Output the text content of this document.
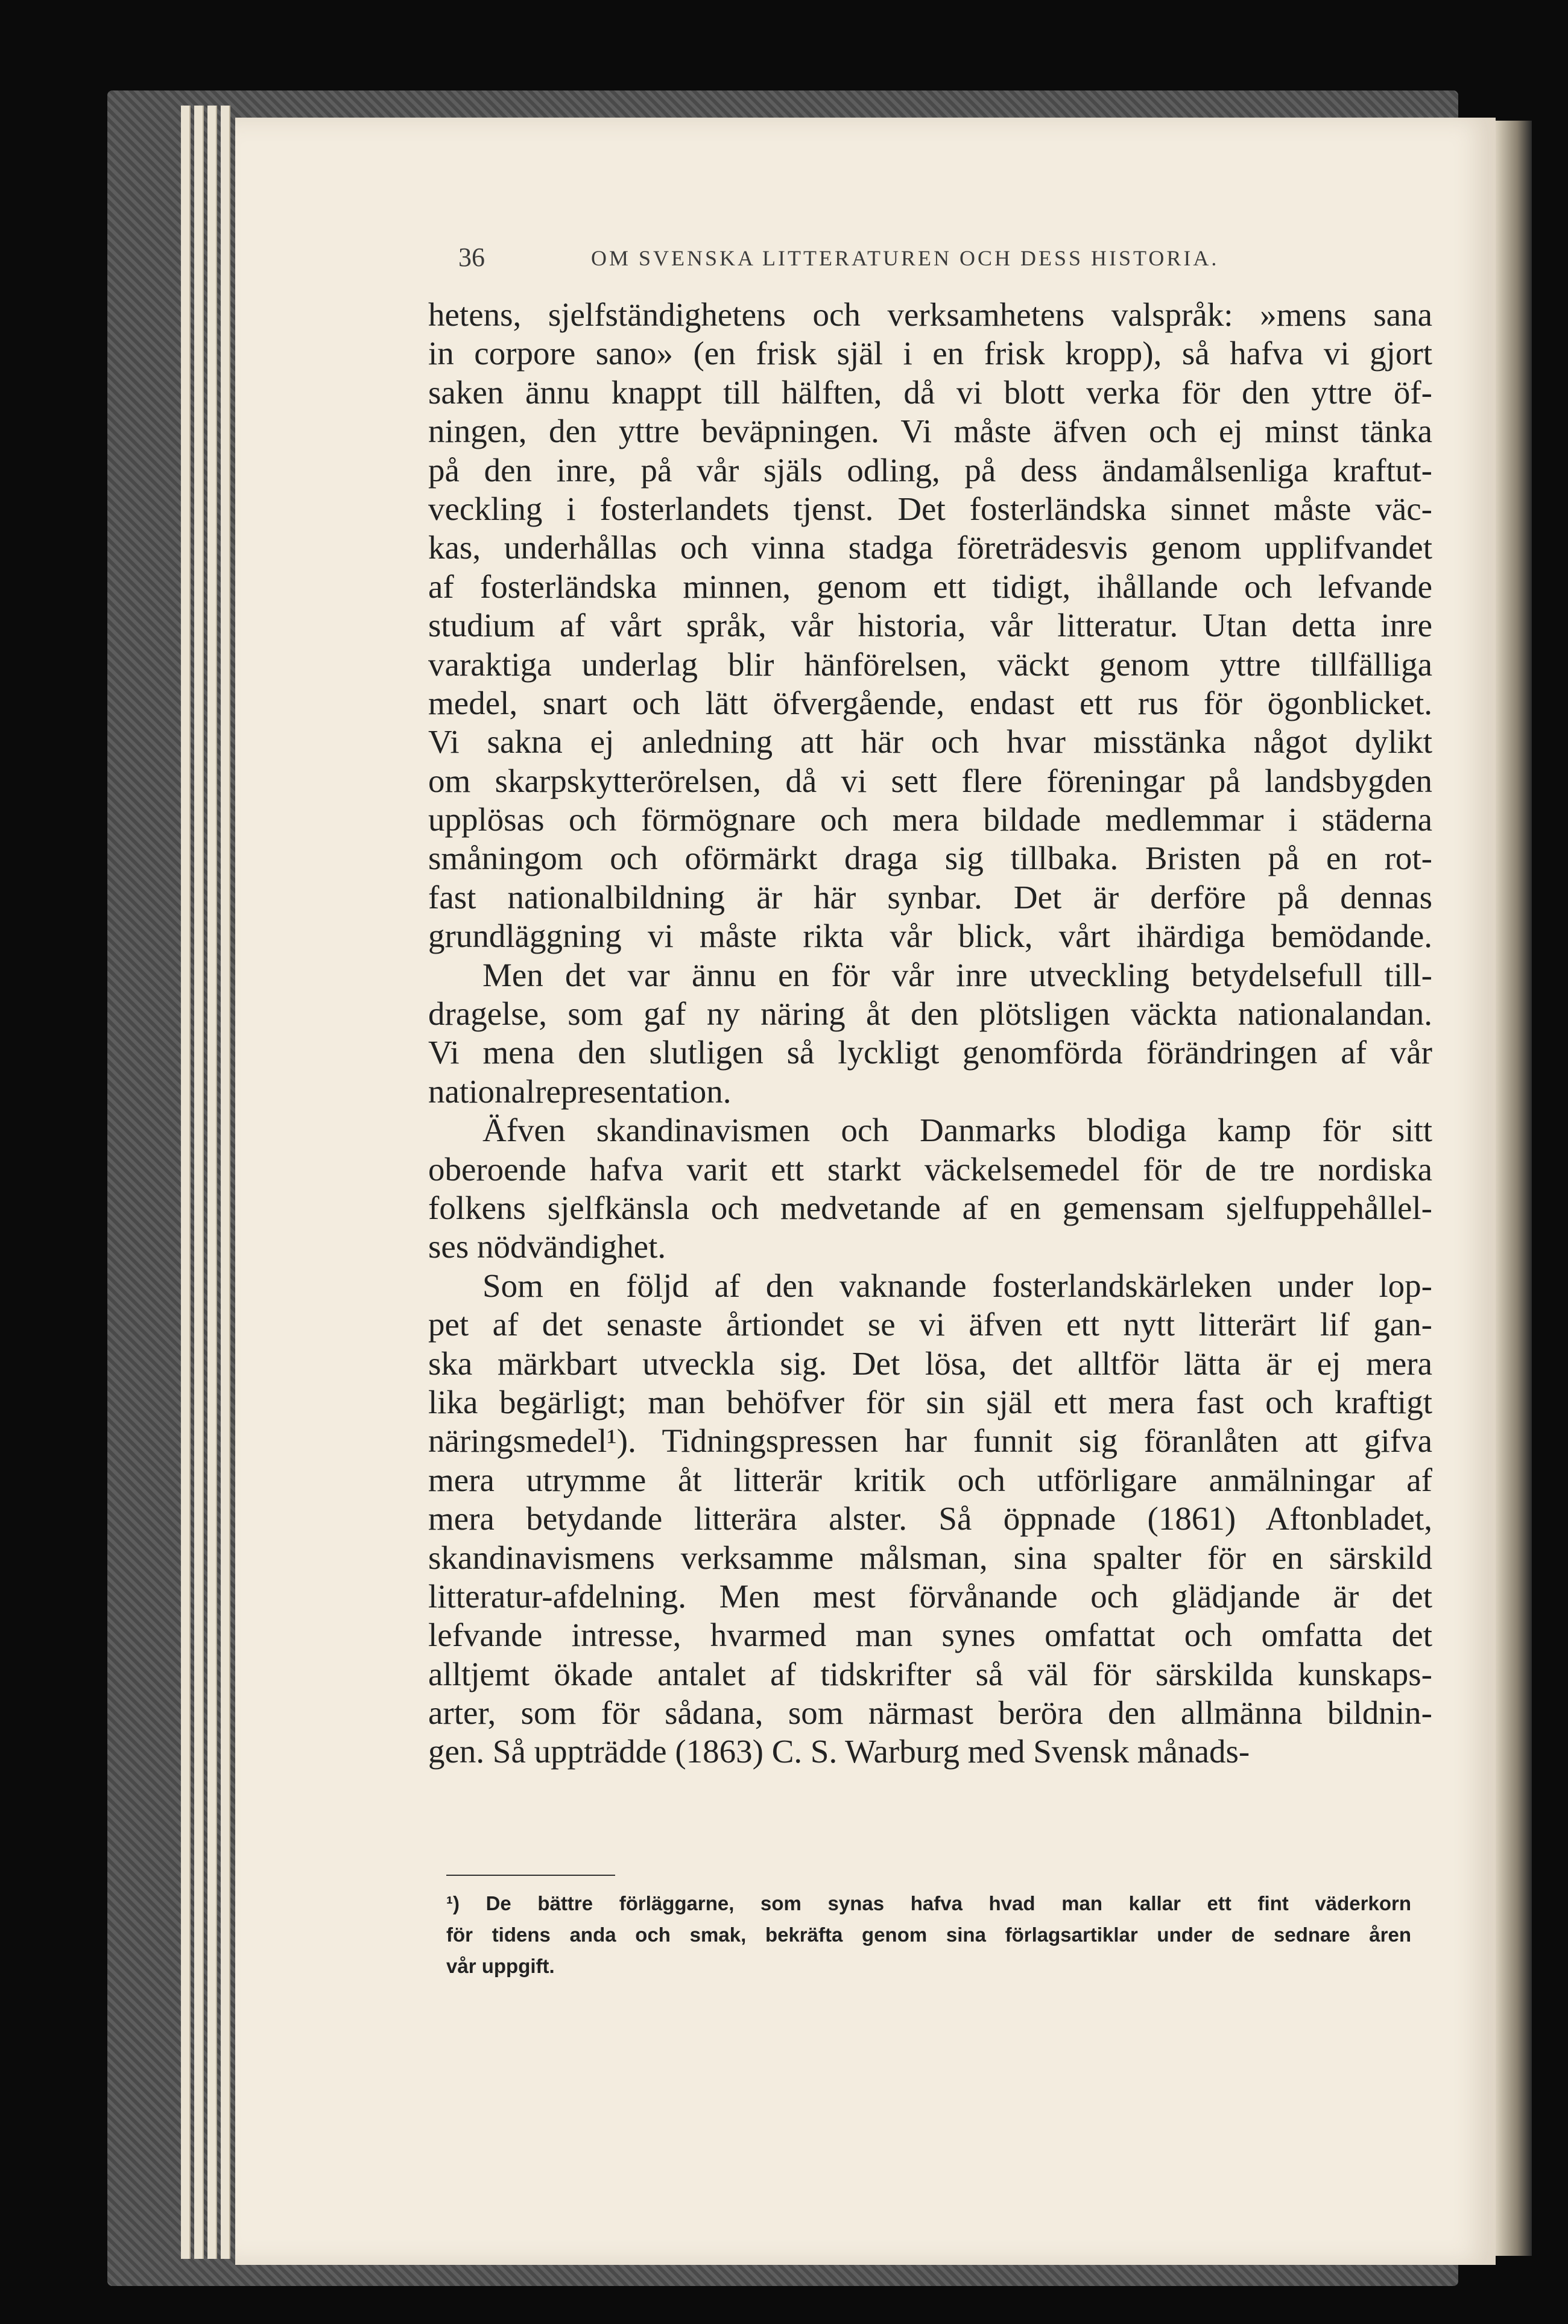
36	OM SVENSKA LITTERATUREN OCH DESS HISTORIA.
hetens, sjelfständighetens och verksamhetens valspråk: »mens sana
in corpore sano» (en frisk själ i en frisk kropp), så hafva vi gjort
saken ännu knappt till hälften, då vi blott verka för den yttre öf-
ningen, den yttre beväpningen. Vi måste äfven och ej minst tänka
på den inre, på vår själs odling, på dess ändamålsenliga kraftut-
veckling i fosterlandets tjenst. Det fosterländska sinnet måste väc-
kas, underhållas och vinna stadga företrädesvis genom upplifvandet
af fosterländska minnen, genom ett tidigt, ihållande och lefvande
studium af vårt språk, vår historia, vår litteratur. Utan detta inre
varaktiga underlag blir hänförelsen, väckt genom yttre tillfälliga
medel, snart och lätt öfvergående, endast ett rus för ögonblicket.
Vi sakna ej anledning att här och hvar misstänka något dylikt
om skarpskytterörelsen, då vi sett flere föreningar på landsbygden
upplösas och förmögnare och mera bildade medlemmar i städerna
småningom och oförmärkt draga sig tillbaka. Bristen på en rot-
fast nationalbildning är här synbar. Det är derföre på dennas
grundläggning vi måste rikta vår blick, vårt ihärdiga bemödande.
Men det var ännu en för vår inre utveckling betydelsefull till-
dragelse, som gaf ny näring åt den plötsligen väckta nationalandan.
Vi mena den slutligen så lyckligt genomförda förändringen af vår
nationalrepresentation.
Äfven skandinavismen och Danmarks blodiga kamp för sitt
oberoende hafva varit ett starkt väckelsemedel för de tre nordiska
folkens sjelfkänsla och medvetande af en gemensam sjelfuppehållel-
ses nödvändighet.
Som en följd af den vaknande fosterlandskärleken under lop-
pet af det senaste årtiondet se vi äfven ett nytt litterärt lif gan-
ska märkbart utveckla sig. Det lösa, det alltför lätta är ej mera
lika begärligt; man behöfver för sin själ ett mera fast och kraftigt
näringsmedel¹). Tidningspressen har funnit sig föranlåten att gifva
mera utrymme åt litterär kritik och utförligare anmälningar af
mera betydande litterära alster. Så öppnade (1861) Aftonbladet,
skandinavismens verksamme målsman, sina spalter för en särskild
litteratur-afdelning. Men mest förvånande och glädjande är det
lefvande intresse, hvarmed man synes omfattat och omfatta det
alltjemt ökade antalet af tidskrifter så väl för särskilda kunskaps-
arter, som för sådana, som närmast beröra den allmänna bildnin-
gen. Så uppträdde (1863) C. S. Warburg med Svensk månads-
¹) De bättre förläggarne, som synas hafva hvad man kallar ett fint väderkorn
för tidens anda och smak, bekräfta genom sina förlagsartiklar under de sednare åren
vår uppgift.
